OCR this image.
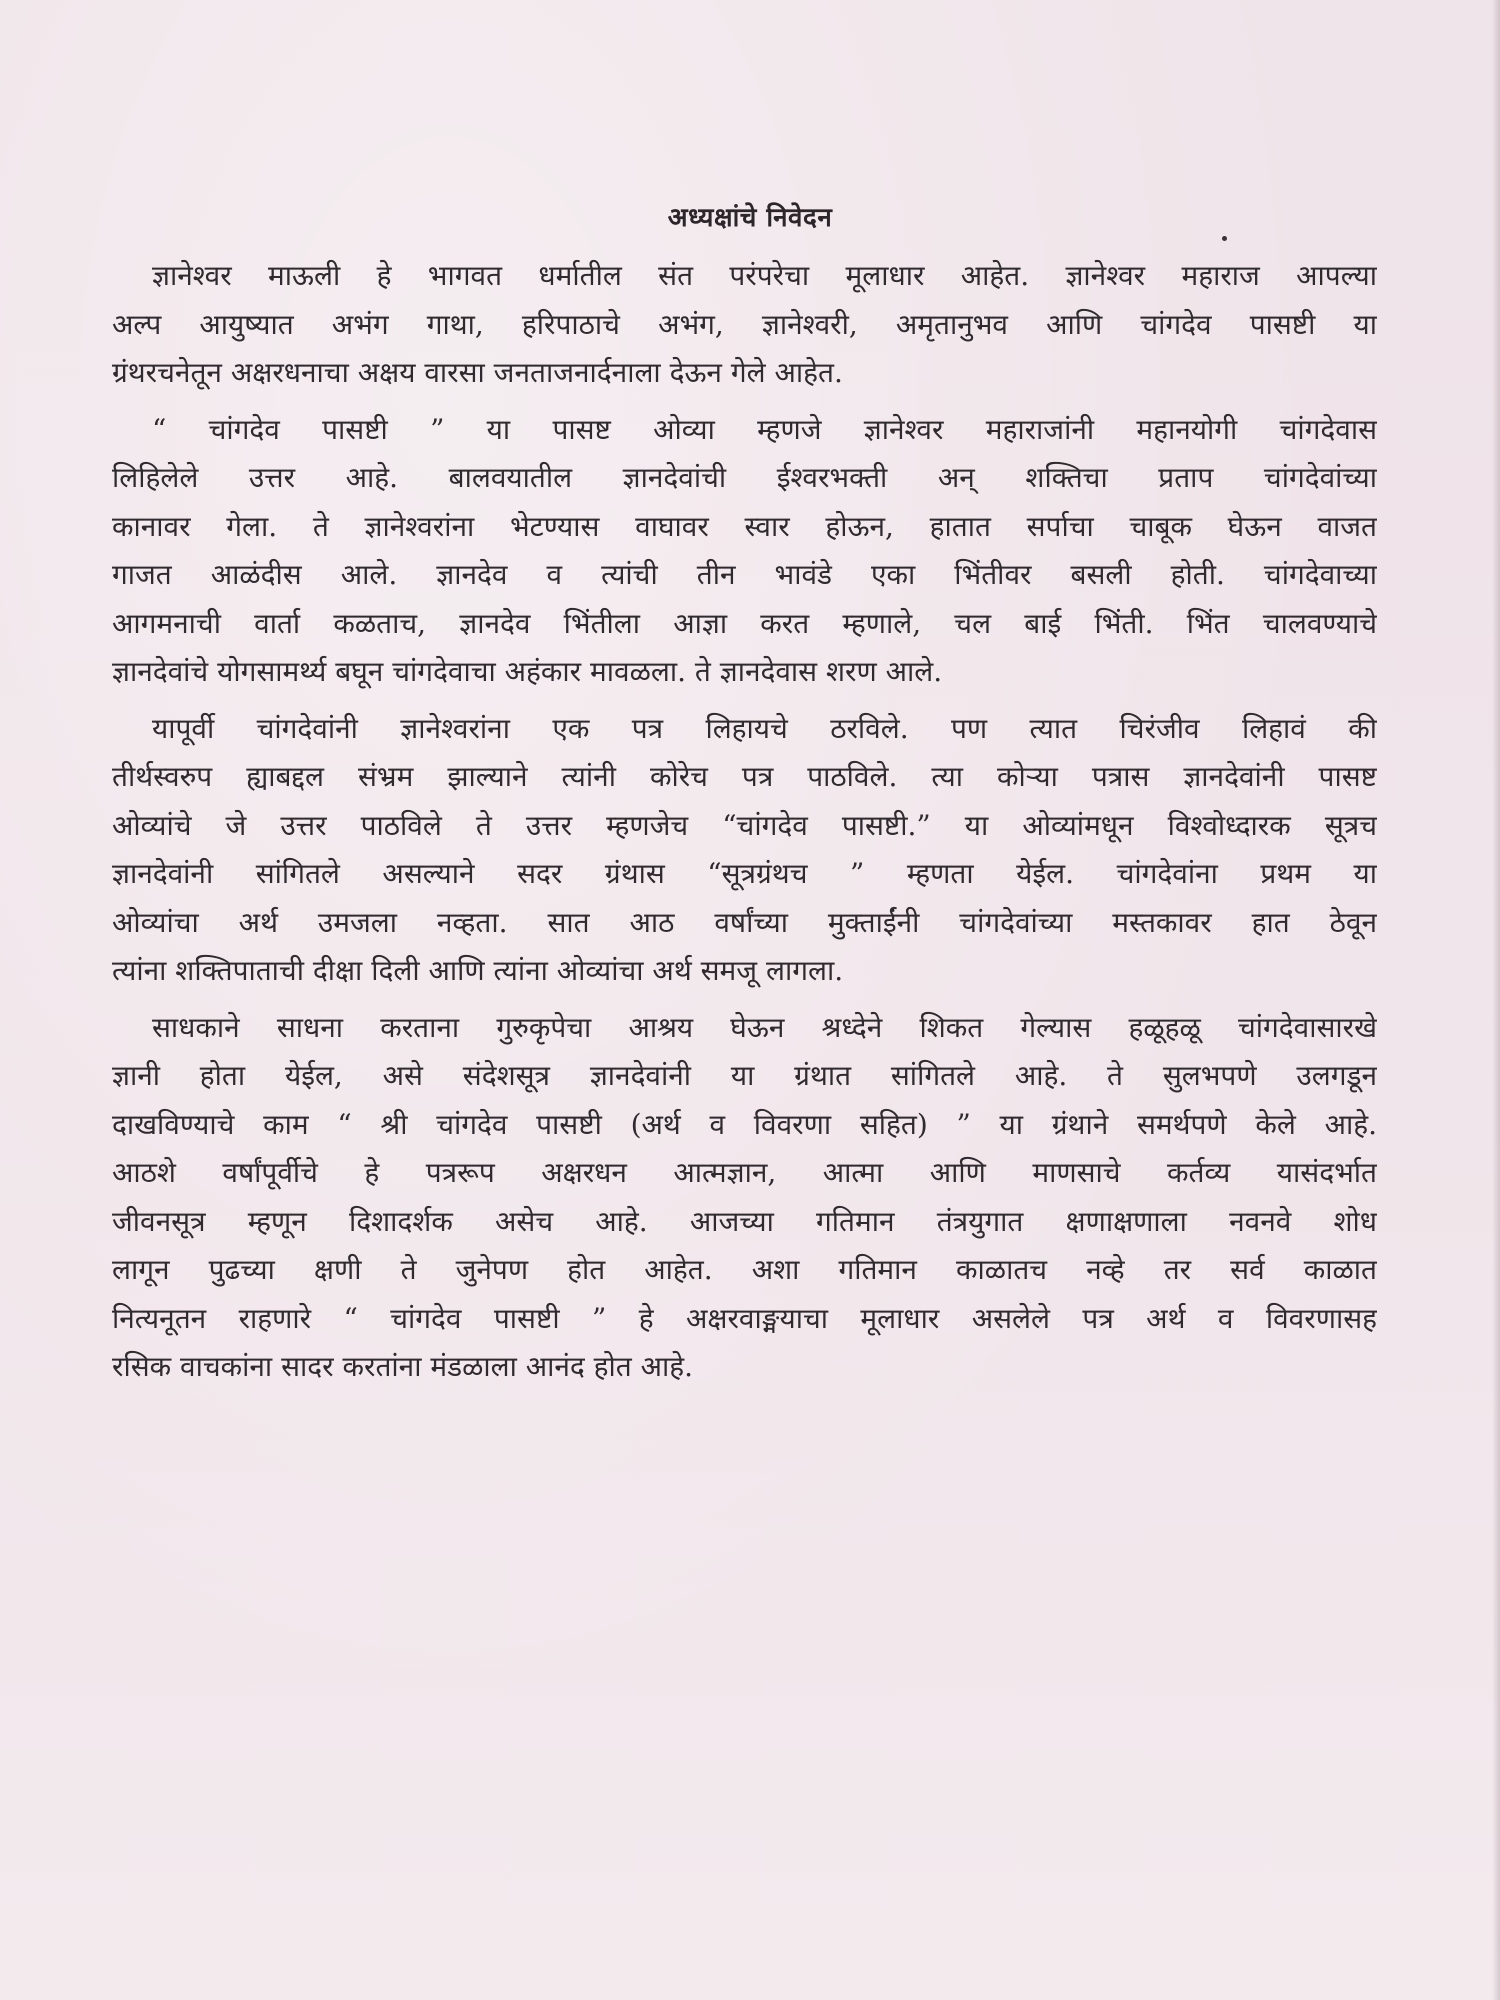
अध्यक्षांचे निवेदन
ज्ञानेश्वर माऊली हे भागवत धर्मातील संत परंपरेचा मूलाधार आहेत. ज्ञानेश्वर महाराज आपल्या
अल्प आयुष्यात अभंग गाथा, हरिपाठाचे अभंग, ज्ञानेश्वरी, अमृतानुभव आणि चांगदेव पासष्टी या
ग्रंथरचनेतून अक्षरधनाचा अक्षय वारसा जनताजनार्दनाला देऊन गेले आहेत.
“ चांगदेव पासष्टी ” या पासष्ट ओव्या म्हणजे ज्ञानेश्वर महाराजांनी महानयोगी चांगदेवास
लिहिलेले उत्तर आहे. बालवयातील ज्ञानदेवांची ईश्वरभक्ती अन् शक्तिचा प्रताप चांगदेवांच्या
कानावर गेला. ते ज्ञानेश्वरांना भेटण्यास वाघावर स्वार होऊन, हातात सर्पाचा चाबूक घेऊन वाजत
गाजत आळंदीस आले. ज्ञानदेव व त्यांची तीन भावंडे एका भिंतीवर बसली होती. चांगदेवाच्या
आगमनाची वार्ता कळताच, ज्ञानदेव भिंतीला आज्ञा करत म्हणाले, चल बाई भिंती. भिंत चालवण्याचे
ज्ञानदेवांचे योगसामर्थ्य बघून चांगदेवाचा अहंकार मावळला. ते ज्ञानदेवास शरण आले.
यापूर्वी चांगदेवांनी ज्ञानेश्वरांना एक पत्र लिहायचे ठरविले. पण त्यात चिरंजीव लिहावं की
तीर्थस्वरुप ह्याबद्दल संभ्रम झाल्याने त्यांनी कोरेच पत्र पाठविले. त्या कोऱ्या पत्रास ज्ञानदेवांनी पासष्ट
ओव्यांचे जे उत्तर पाठविले ते उत्तर म्हणजेच “चांगदेव पासष्टी.” या ओव्यांमधून विश्वोध्दारक सूत्रच
ज्ञानदेवांनी सांगितले असल्याने सदर ग्रंथास “सूत्रग्रंथच ” म्हणता येईल. चांगदेवांना प्रथम या
ओव्यांचा अर्थ उमजला नव्हता. सात आठ वर्षांच्या मुक्ताईंनी चांगदेवांच्या मस्तकावर हात ठेवून
त्यांना शक्तिपाताची दीक्षा दिली आणि त्यांना ओव्यांचा अर्थ समजू लागला.
साधकाने साधना करताना गुरुकृपेचा आश्रय घेऊन श्रध्देने शिकत गेल्यास हळूहळू चांगदेवासारखे
ज्ञानी होता येईल, असे संदेशसूत्र ज्ञानदेवांनी या ग्रंथात सांगितले आहे. ते सुलभपणे उलगडून
दाखविण्याचे काम “ श्री चांगदेव पासष्टी (अर्थ व विवरणा सहित) ” या ग्रंथाने समर्थपणे केले आहे.
आठशे वर्षांपूर्वीचे हे पत्ररूप अक्षरधन आत्मज्ञान, आत्मा आणि माणसाचे कर्तव्य यासंदर्भात
जीवनसूत्र म्हणून दिशादर्शक असेच आहे. आजच्या गतिमान तंत्रयुगात क्षणाक्षणाला नवनवे शोध
लागून पुढच्या क्षणी ते जुनेपण होत आहेत. अशा गतिमान काळातच नव्हे तर सर्व काळात
नित्यनूतन राहणारे “ चांगदेव पासष्टी ” हे अक्षरवाङ्मयाचा मूलाधार असलेले पत्र अर्थ व विवरणासह
रसिक वाचकांना सादर करतांना मंडळाला आनंद होत आहे.
